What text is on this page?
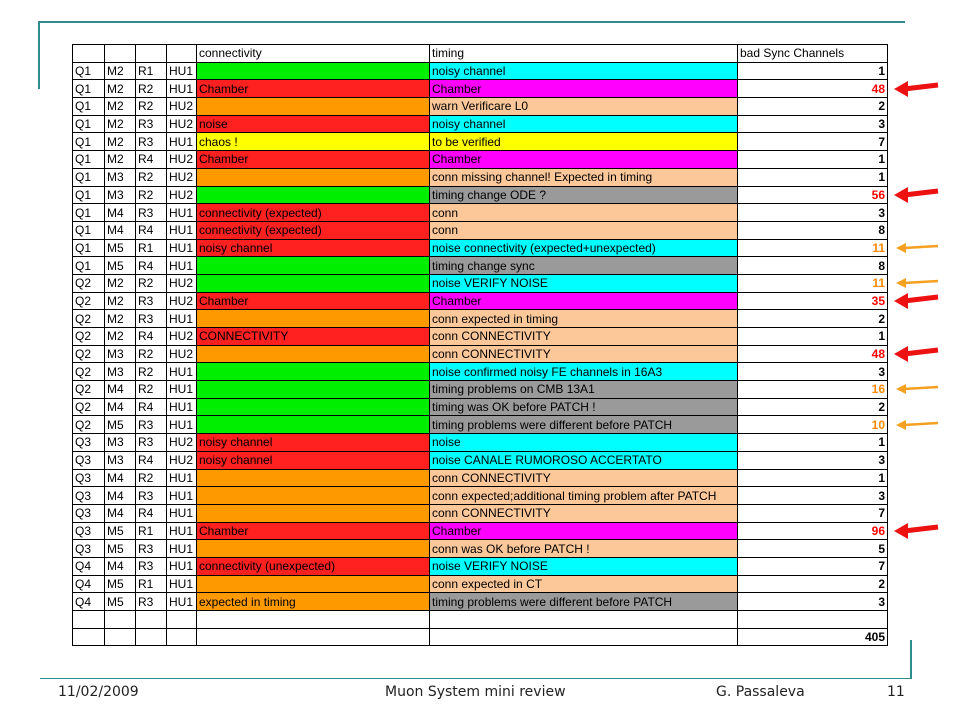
				connectivity	timing	bad Sync Channels
Q1	M2	R1	HU1		noisy channel	1
Q1	M2	R2	HU1	Chamber	Chamber	48
Q1	M2	R2	HU2		warn Verificare L0	2
Q1	M2	R3	HU2	noise	noisy channel	3
Q1	M2	R3	HU1	chaos !	to be verified	7
Q1	M2	R4	HU2	Chamber	Chamber	1
Q1	M3	R2	HU2		conn missing channel! Expected in timing	1
Q1	M3	R2	HU2		timing change ODE ?	56
Q1	M4	R3	HU1	connectivity (expected)	conn	3
Q1	M4	R4	HU1	connectivity (expected)	conn	8
Q1	M5	R1	HU1	noisy channel	noise connectivity (expected+unexpected)	11
Q1	M5	R4	HU1		timing change sync	8
Q2	M2	R2	HU2		noise VERIFY NOISE	11
Q2	M2	R3	HU2	Chamber	Chamber	35
Q2	M2	R3	HU1		conn expected in timing	2
Q2	M2	R4	HU2	CONNECTIVITY	conn CONNECTIVITY	1
Q2	M3	R2	HU2		conn CONNECTIVITY	48
Q2	M3	R2	HU1		noise confirmed noisy FE channels in 16A3	3
Q2	M4	R2	HU1		timing problems on CMB 13A1	16
Q2	M4	R4	HU1		timing was OK before PATCH !	2
Q2	M5	R3	HU1		timing problems were different before PATCH	10
Q3	M3	R3	HU2	noisy channel	noise	1
Q3	M3	R4	HU2	noisy channel	noise CANALE RUMOROSO ACCERTATO	3
Q3	M4	R2	HU1		conn CONNECTIVITY	1
Q3	M4	R3	HU1		conn expected;additional timing problem after PATCH	3
Q3	M4	R4	HU1		conn CONNECTIVITY	7
Q3	M5	R1	HU1	Chamber	Chamber	96
Q3	M5	R3	HU1		conn was OK before PATCH !	5
Q4	M4	R3	HU1	connectivity (unexpected)	noise VERIFY NOISE	7
Q4	M5	R1	HU1		conn expected in CT	2
Q4	M5	R3	HU1	expected in timing	timing problems were different before PATCH	3

						405
11/02/2009	Muon System mini review	G. Passaleva	11
